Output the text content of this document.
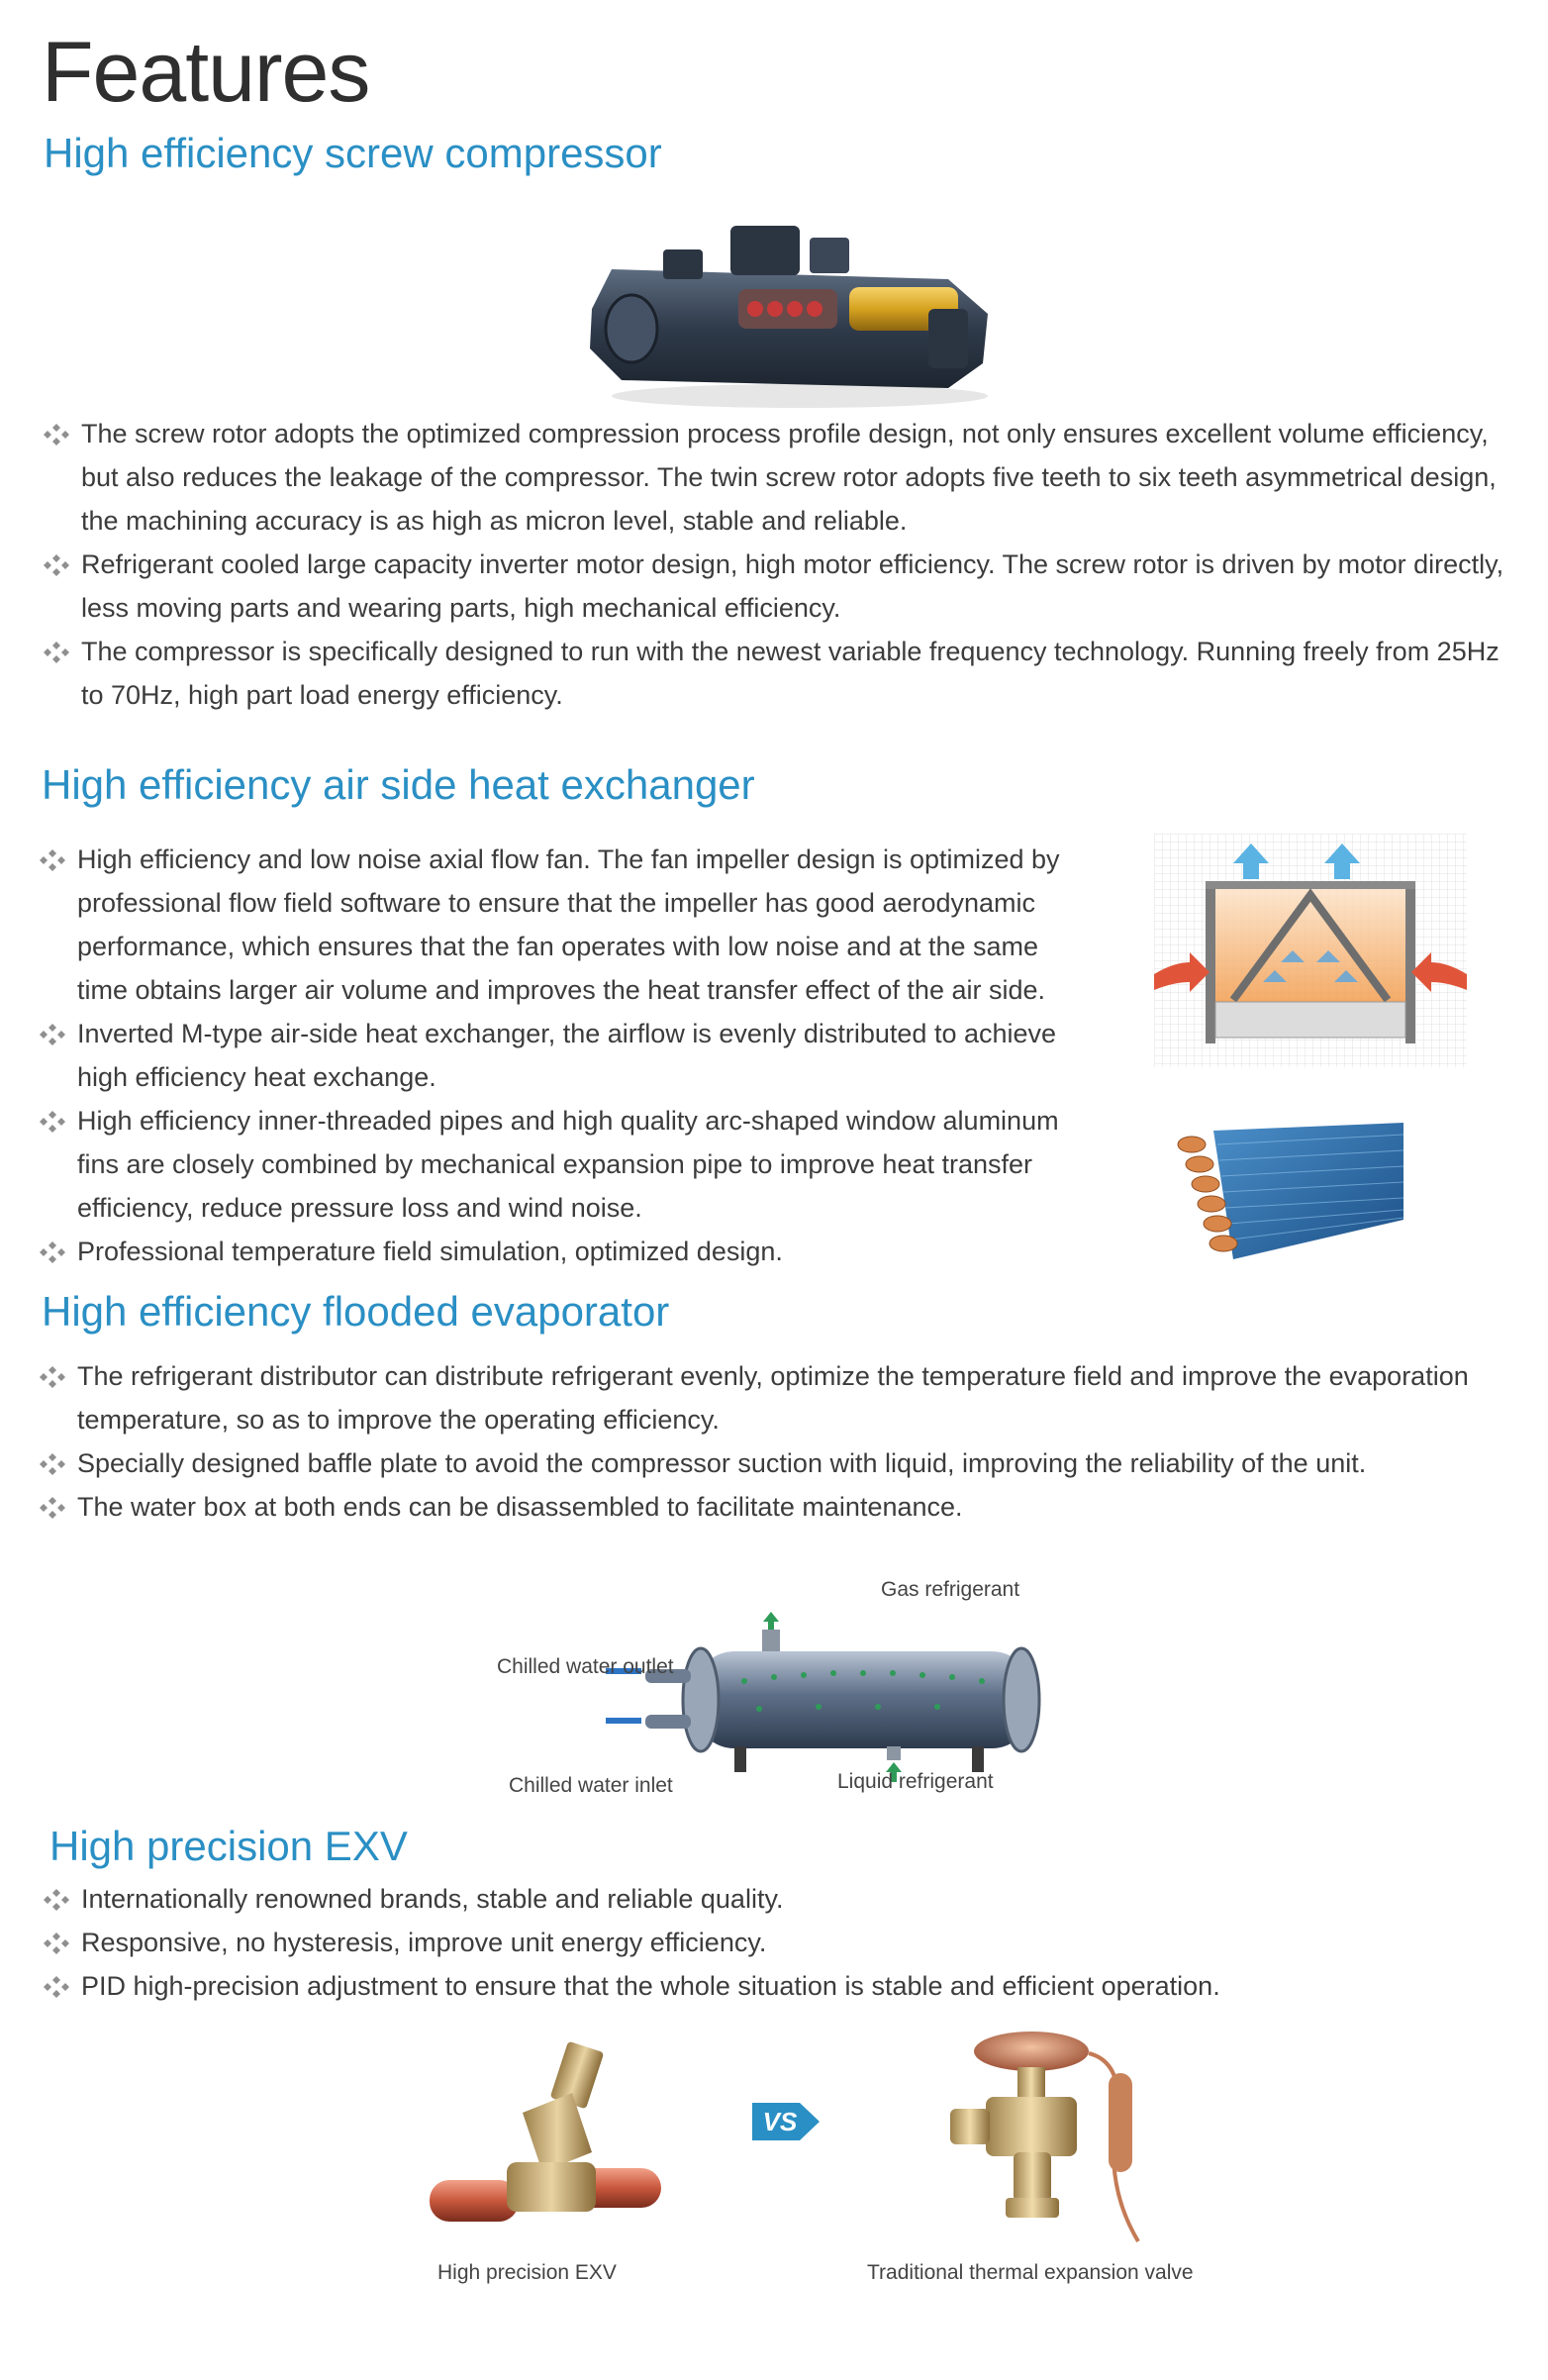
Features
High efficiency screw compressor
The screw rotor adopts the optimized compression process profile design, not only ensures excellent volume efficiency, but also reduces the leakage of the compressor. The twin screw rotor adopts five teeth to six teeth asymmetrical design, the machining accuracy is as high as micron level, stable and reliable.
Refrigerant cooled large capacity inverter motor design, high motor efficiency. The screw rotor is driven by motor directly, less moving parts and wearing parts, high mechanical efficiency.
The compressor is specifically designed to run with the newest variable frequency technology. Running freely from 25Hz to 70Hz, high part load energy efficiency.
High efficiency air side heat exchanger
High efficiency and low noise axial flow fan. The fan impeller design is optimized by professional flow field software to ensure that the impeller has good aerodynamic performance, which ensures that the fan operates with low noise and at the same time obtains larger air volume and improves the heat transfer effect of the air side.
Inverted M-type air-side heat exchanger, the airflow is evenly distributed to achieve high efficiency heat exchange.
High efficiency inner-threaded pipes and high quality arc-shaped window aluminum fins are closely combined by mechanical expansion pipe to improve heat transfer efficiency, reduce pressure loss and wind noise.
Professional temperature field simulation, optimized design.
High efficiency flooded evaporator
The refrigerant distributor can distribute refrigerant evenly, optimize the temperature field and improve the evaporation temperature, so as to improve the operating efficiency.
Specially designed baffle plate to avoid the compressor suction with liquid, improving the reliability of the unit.
The water box at both ends can be disassembled to facilitate maintenance.
Gas refrigerant
Chilled water outlet
Chilled water inlet	Liquid refrigerant
High precision EXV
Internationally renowned brands, stable and reliable quality.
Responsive, no hysteresis, improve unit energy efficiency.
PID high-precision adjustment to ensure that the whole situation is stable and efficient operation.
VS
High precision EXV	Traditional thermal expansion valve
